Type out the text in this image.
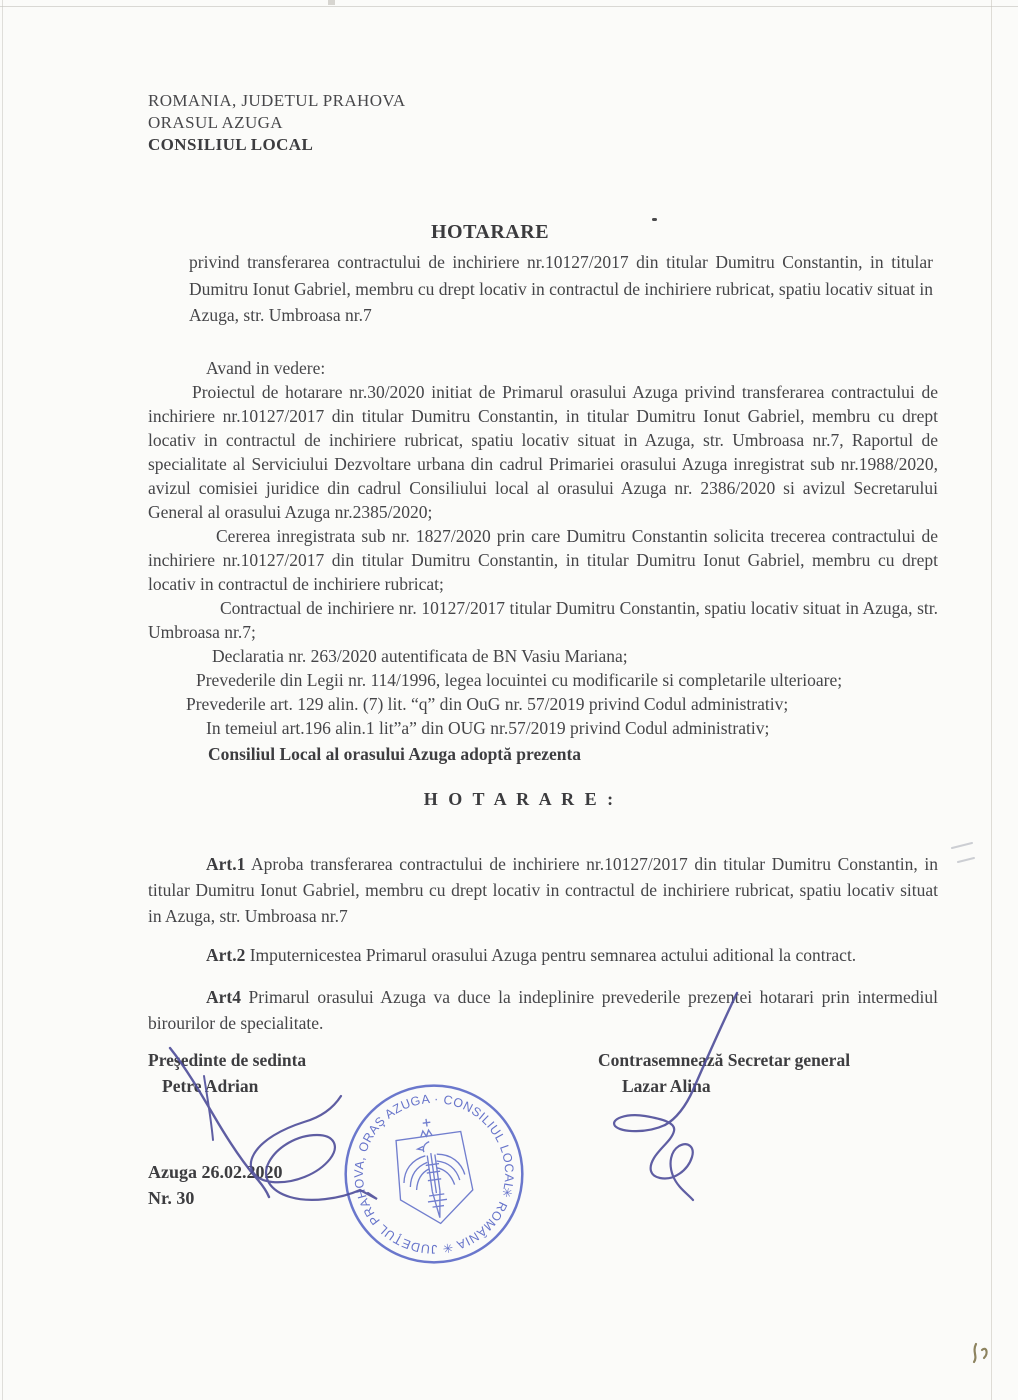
ROMANIA, JUDETUL PRAHOVA
ORASUL AZUGA
CONSILIUL LOCAL
HOTARARE
privind transferarea contractului de inchiriere nr.10127/2017 din titular Dumitru Constantin, in titular Dumitru Ionut Gabriel, membru cu drept locativ in contractul de inchiriere rubricat, spatiu locativ situat in Azuga, str. Umbroasa nr.7

Avand in vedere:

Proiectul de hotarare nr.30/2020 initiat de Primarul orasului Azuga privind transferarea contractului de inchiriere nr.10127/2017 din titular Dumitru Constantin, in titular Dumitru Ionut Gabriel, membru cu drept locativ in contractul de inchiriere rubricat, spatiu locativ situat in Azuga, str. Umbroasa nr.7, Raportul de specialitate al Serviciului Dezvoltare urbana din cadrul Primariei orasului Azuga inregistrat sub nr.1988/2020, avizul comisiei juridice din cadrul Consiliului local al orasului Azuga nr. 2386/2020 si avizul Secretarului General al orasului Azuga nr.2385/2020;

Cererea inregistrata sub nr. 1827/2020 prin care Dumitru Constantin solicita trecerea contractului de inchiriere nr.10127/2017 din titular Dumitru Constantin, in titular Dumitru Ionut Gabriel, membru cu drept locativ in contractul de inchiriere rubricat;

Contractual de inchiriere nr. 10127/2017 titular Dumitru Constantin, spatiu locativ situat in Azuga, str. Umbroasa nr.7;

Declaratia nr. 263/2020 autentificata de BN Vasiu Mariana;

Prevederile din Legii nr. 114/1996, legea locuintei cu modificarile si completarile ulterioare;

Prevederile art. 129 alin. (7) lit. “q” din OuG nr. 57/2019 privind Codul administrativ;

In temeiul art.196 alin.1 lit”a” din OUG nr.57/2019 privind Codul administrativ;

Consiliul Local al orasului Azuga adoptă prezenta
H O T A R A R E :

Art.1 Aproba transferarea contractului de inchiriere nr.10127/2017 din titular Dumitru Constantin, in titular Dumitru Ionut Gabriel, membru cu drept locativ in contractul de inchiriere rubricat, spatiu locativ situat in Azuga, str. Umbroasa nr.7

Art.2 Imputernicestea Primarul orasului Azuga pentru semnarea actului aditional la contract.

Art4 Primarul orasului Azuga va duce la indeplinire prevederile prezentei hotarari prin intermediul birourilor de specialitate.

Preşedinte de sedinta
Petre Adrian
Contrasemnează Secretar general
Lazar Alina
Azuga 26.02.2020
Nr. 30	✳ ROMÂNIA ✳ JUDEŢUL PRAHOVA, ORAŞ AZUGA · CONSILIUL LOCAL
